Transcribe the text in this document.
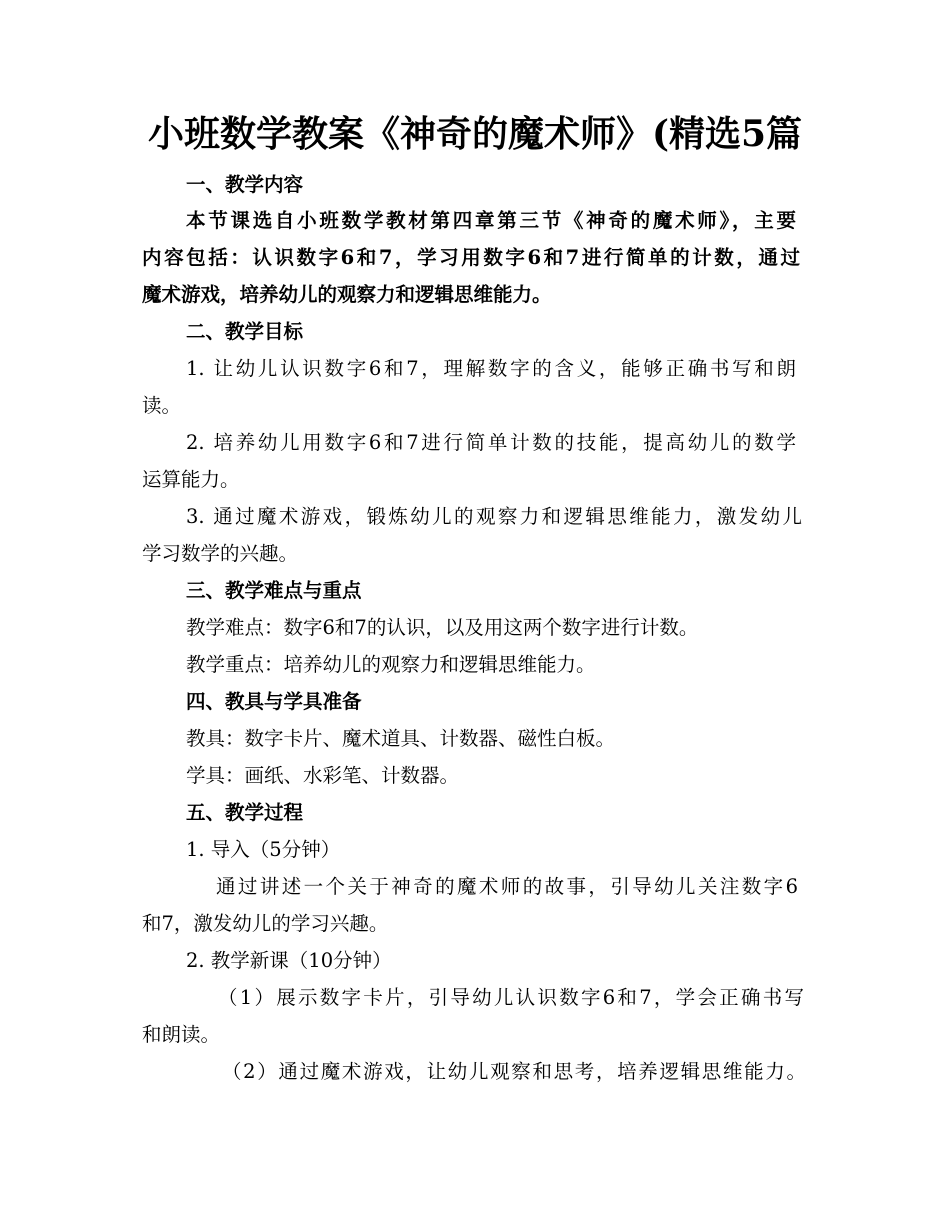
小班数学教案《神奇的魔术师》(精选5篇
一、教学内容
本节课选自小班数学教材第四章第三节《神奇的魔术师》，主要
内容包括：认识数字6和7，学习用数字6和7进行简单的计数，通过
魔术游戏，培养幼儿的观察力和逻辑思维能力。
二、教学目标
1. 让幼儿认识数字6和7，理解数字的含义，能够正确书写和朗
读。
2. 培养幼儿用数字6和7进行简单计数的技能，提高幼儿的数学
运算能力。
3. 通过魔术游戏，锻炼幼儿的观察力和逻辑思维能力，激发幼儿
学习数学的兴趣。
三、教学难点与重点
教学难点：数字6和7的认识，以及用这两个数字进行计数。
教学重点：培养幼儿的观察力和逻辑思维能力。
四、教具与学具准备
教具：数字卡片、魔术道具、计数器、磁性白板。
学具：画纸、水彩笔、计数器。
五、教学过程
1. 导入（5分钟）
通过讲述一个关于神奇的魔术师的故事，引导幼儿关注数字6
和7，激发幼儿的学习兴趣。
2. 教学新课（10分钟）
（1）展示数字卡片，引导幼儿认识数字6和7，学会正确书写
和朗读。
（2）通过魔术游戏，让幼儿观察和思考，培养逻辑思维能力。
